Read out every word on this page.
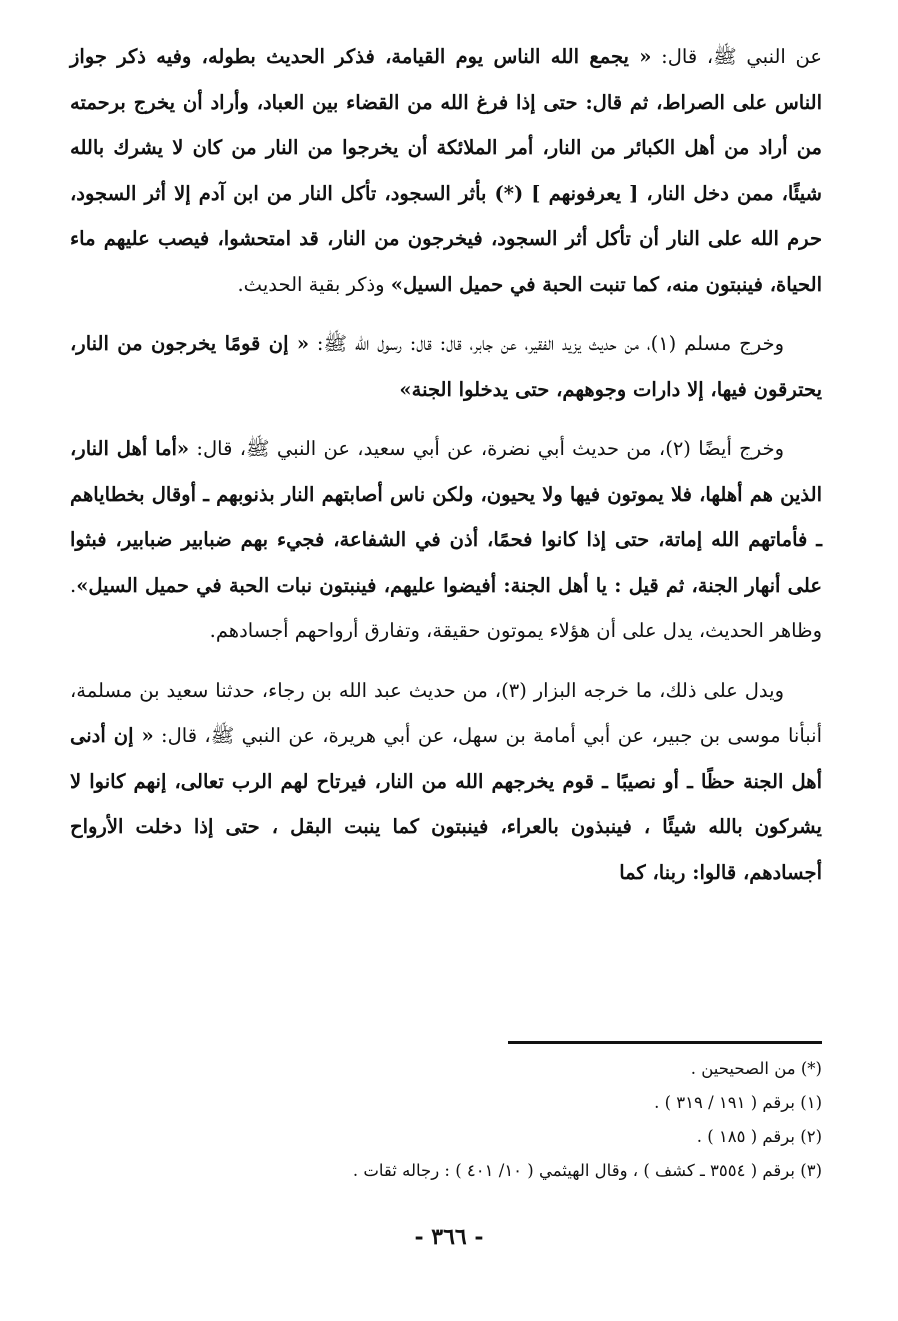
عن النبي ﷺ، قال: « يجمع الله الناس يوم القيامة، فذكر الحديث بطوله، وفيه ذكر جواز الناس على الصراط، ثم قال: حتى إذا فرغ الله من القضاء بين العباد، وأراد أن يخرج برحمته من أراد من أهل الكبائر من النار، أمر الملائكة أن يخرجوا من النار من كان لا يشرك بالله شيئًا، ممن دخل النار، [ يعرفونهم ] (*) بأثر السجود، تأكل النار من ابن آدم إلا أثر السجود، حرم الله على النار أن تأكل أثر السجود، فيخرجون من النار، قد امتحشوا، فيصب عليهم ماء الحياة، فينبتون منه، كما تنبت الحبة في حميل السيل» وذكر بقية الحديث.

وخرج مسلم (١)، من حديث يزيد الفقير، عن جابر، قال: قال: رسول الله ﷺ: « إن قومًا يخرجون من النار، يحترقون فيها، إلا دارات وجوههم، حتى يدخلوا الجنة»

وخرج أيضًا (٢)، من حديث أبي نضرة، عن أبي سعيد، عن النبي ﷺ، قال: «أما أهل النار، الذين هم أهلها، فلا يموتون فيها ولا يحيون، ولكن ناس أصابتهم النار بذنوبهم ـ أوقال بخطاياهم ـ فأماتهم الله إماتة، حتى إذا كانوا فحمًا، أذن في الشفاعة، فجيء بهم ضبابير ضبابير، فبثوا على أنهار الجنة، ثم قيل : يا أهل الجنة: أفيضوا عليهم، فينبتون نبات الحبة في حميل السيل». وظاهر الحديث، يدل على أن هؤلاء يموتون حقيقة، وتفارق أرواحهم أجسادهم.

ويدل على ذلك، ما خرجه البزار (٣)، من حديث عبد الله بن رجاء، حدثنا سعيد بن مسلمة، أنبأنا موسى بن جبير، عن أبي أمامة بن سهل، عن أبي هريرة، عن النبي ﷺ، قال: « إن أدنى أهل الجنة حظًا ـ أو نصيبًا ـ قوم يخرجهم الله من النار، فيرتاح لهم الرب تعالى، إنهم كانوا لا يشركون بالله شيئًا ، فينبذون بالعراء، فينبتون كما ينبت البقل ، حتى إذا دخلت الأرواح أجسادهم، قالوا: ربنا، كما

(*) من الصحيحين .

(١) برقم ( ١٩١ / ٣١٩ ) .

(٢) برقم ( ١٨٥ ) .

(٣) برقم ( ٣٥٥٤ ـ كشف ) ، وقال الهيثمي ( ١٠/ ٤٠١ ) : رجاله ثقات .

- ٣٦٦ -
